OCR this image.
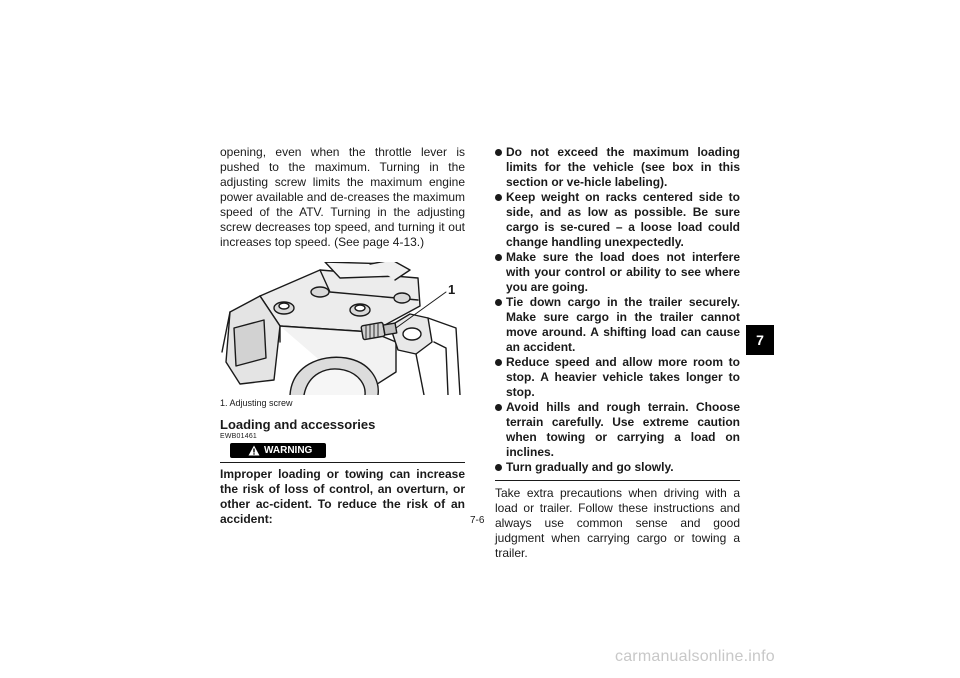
opening, even when the throttle lever is pushed to the maximum. Turning in the adjusting screw limits the maximum engine power available and de-creases the maximum speed of the ATV. Turning in the adjusting screw decreases top speed, and turning it out increases top speed. (See page 4-13.)

1
1. Adjusting screw
Loading and accessories
EWB01461
WARNING

Improper loading or towing can increase the risk of loss of control, an overturn, or other ac-cident. To reduce the risk of an accident:

Do not exceed the maximum loading limits for the vehicle (see box in this section or ve-hicle labeling).
Keep weight on racks centered side to side, and as low as possible. Be sure cargo is se-cured – a loose load could change handling unexpectedly.
Make sure the load does not interfere with your control or ability to see where you are going.
Tie down cargo in the trailer securely. Make sure cargo in the trailer cannot move around. A shifting load can cause an accident.
Reduce speed and allow more room to stop. A heavier vehicle takes longer to stop.
Avoid hills and rough terrain. Choose terrain carefully. Use extreme caution when towing or carrying a load on inclines.
Turn gradually and go slowly.

Take extra precautions when driving with a load or trailer. Follow these instructions and always use common sense and good judgment when carrying cargo or towing a trailer.

7-6
7
carmanualsonline.info
